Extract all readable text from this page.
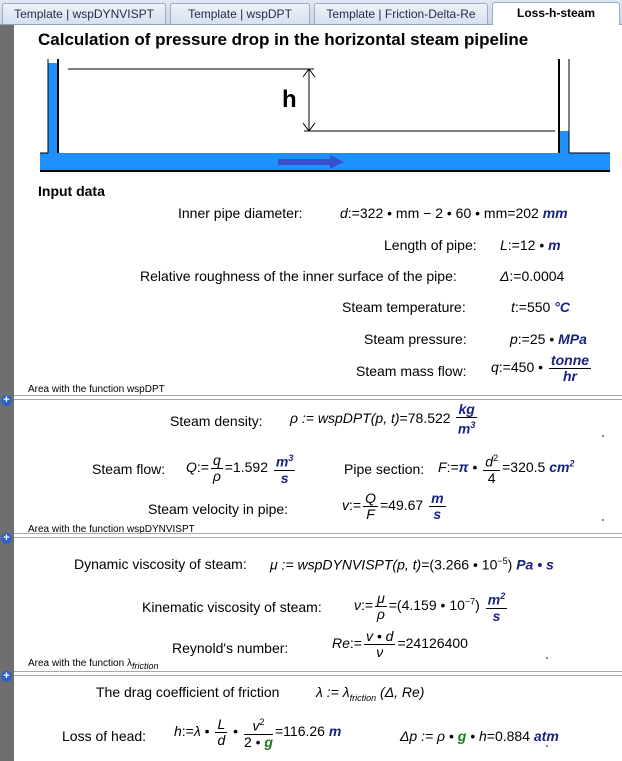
Template | wspDYNVISPT	Template | wspDPT	Template | Friction-Delta-Re	Loss-h-steam
+
+
+
Calculation of pressure drop in the horizontal steam pipeline
h
Input data
Inner pipe diameter:	d:=322 • mm − 2 • 60 • mm=202 mm
Length of pipe: L:=12 • m
Relative roughness of the inner surface of the pipe:	Δ:=0.0004
Steam temperature:	t:=550 °C
Steam pressure:	p:=25 • MPa
Steam mass flow: q:=450 • $\frac{\text{tonne}}{hr}$
Area with the function wspDPT
Steam density: ρ := wspDPT(p, $t)=78.522 \frac{kg}{m^3}$
Steam flow: Q:= $\frac{q}{\rho} =1.592 \frac{m^3}{s}$	Pipe section: F:=π • $\frac{d^2}{4} =320.5$ $cm^2$
Steam velocity in pipe:	v:= $\frac{Q}{F} =49.67 \frac{m}{s}$
Area with the function wspDYNVISPT
Dynamic viscosity of steam: μ := wspDYNVISPT(p, t)=(3.266 • $10^{-5}$) Pa • s
Kinematic viscosity of steam: ν:= $\frac{\mu}{\rho} =(4.159$ • $10^{-7}) \frac{m^2}{s}$
Reynold's number:	Re:= $\frac{v • d}{\nu} =24126400$
Area with the function $\lambda_{friction}$
The drag coefficient of friction	λ := $\lambda_{friction}$ (Δ, Re)
Loss of head: h:=λ • $\frac{L}{d}$ • $\frac{v^2}{2 • g} =116.26$ m	Δp := ρ • g • h=0.884 atm
